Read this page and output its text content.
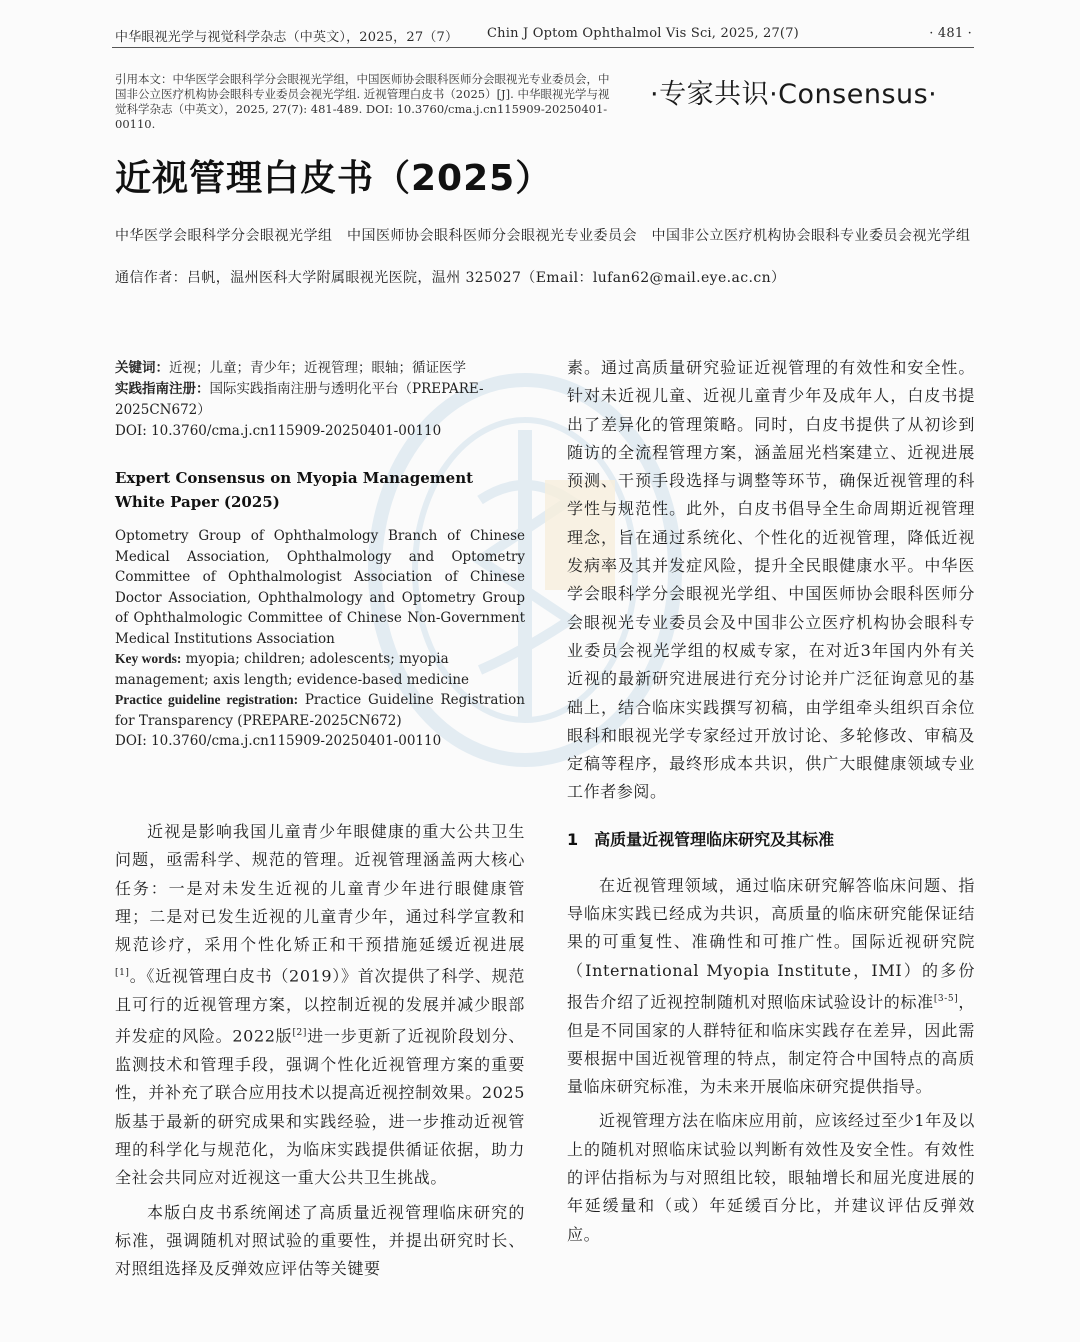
中华眼视光学与视觉科学杂志（中英文），2025，27（7） Chin J Optom Ophthalmol Vis Sci, 2025, 27(7)	· 481 ·
引用本文：中华医学会眼科学分会眼视光学组，中国医师协会眼科医师分会眼视光专业委员会，中国非公立医疗机构协会眼科专业委员会视光学组. 近视管理白皮书（2025）[J]. 中华眼视光学与视觉科学杂志（中英文），2025, 27(7): 481-489. DOI: 10.3760/cma.j.cn115909-20250401-00110.
·专家共识·Consensus·
近视管理白皮书（2025）
中华医学会眼科学分会眼视光学组　中国医师协会眼科医师分会眼视光专业委员会　中国非公立医疗机构协会眼科专业委员会视光学组
通信作者：吕帆，温州医科大学附属眼视光医院，温州 325027（Email：lufan62@mail.eye.ac.cn）
关键词：近视；儿童；青少年；近视管理；眼轴；循证医学
实践指南注册：国际实践指南注册与透明化平台（PREPARE-2025CN672）
DOI: 10.3760/cma.j.cn115909-20250401-00110
Expert Consensus on Myopia Management White Paper (2025)
Optometry Group of Ophthalmology Branch of Chinese Medical Association, Ophthalmology and Optometry Committee of Ophthalmologist Association of Chinese Doctor Association, Ophthalmology and Optometry Group of Ophthalmologic Committee of Chinese Non-Government Medical Institutions Association
Key words: myopia; children; adolescents; myopia management; axis length; evidence-based medicine
Practice guideline registration: Practice Guideline Registration for Transparency (PREPARE-2025CN672)
DOI: 10.3760/cma.j.cn115909-20250401-00110

近视是影响我国儿童青少年眼健康的重大公共卫生问题，亟需科学、规范的管理。近视管理涵盖两大核心任务：一是对未发生近视的儿童青少年进行眼健康管理；二是对已发生近视的儿童青少年，通过科学宣教和规范诊疗，采用个性化矫正和干预措施延缓近视进展[1]。《近视管理白皮书（2019）》首次提供了科学、规范且可行的近视管理方案，以控制近视的发展并减少眼部并发症的风险。2022版[2]进一步更新了近视阶段划分、监测技术和管理手段，强调个性化近视管理方案的重要性，并补充了联合应用技术以提高近视控制效果。2025版基于最新的研究成果和实践经验，进一步推动近视管理的科学化与规范化，为临床实践提供循证依据，助力全社会共同应对近视这一重大公共卫生挑战。

本版白皮书系统阐述了高质量近视管理临床研究的标准，强调随机对照试验的重要性，并提出研究时长、对照组选择及反弹效应评估等关键要

素。通过高质量研究验证近视管理的有效性和安全性。针对未近视儿童、近视儿童青少年及成年人，白皮书提出了差异化的管理策略。同时，白皮书提供了从初诊到随访的全流程管理方案，涵盖屈光档案建立、近视进展预测、干预手段选择与调整等环节，确保近视管理的科学性与规范性。此外，白皮书倡导全生命周期近视管理理念，旨在通过系统化、个性化的近视管理，降低近视发病率及其并发症风险，提升全民眼健康水平。中华医学会眼科学分会眼视光学组、中国医师协会眼科医师分会眼视光专业委员会及中国非公立医疗机构协会眼科专业委员会视光学组的权威专家，在对近3年国内外有关近视的最新研究进展进行充分讨论并广泛征询意见的基础上，结合临床实践撰写初稿，由学组牵头组织百余位眼科和眼视光学专家经过开放讨论、多轮修改、审稿及定稿等程序，最终形成本共识，供广大眼健康领域专业工作者参阅。

1　高质量近视管理临床研究及其标准

在近视管理领域，通过临床研究解答临床问题、指导临床实践已经成为共识，高质量的临床研究能保证结果的可重复性、准确性和可推广性。国际近视研究院（International Myopia Institute，IMI）的多份报告介绍了近视控制随机对照临床试验设计的标准[3-5]，但是不同国家的人群特征和临床实践存在差异，因此需要根据中国近视管理的特点，制定符合中国特点的高质量临床研究标准，为未来开展临床研究提供指导。

近视管理方法在临床应用前，应该经过至少1年及以上的随机对照临床试验以判断有效性及安全性。有效性的评估指标为与对照组比较，眼轴增长和屈光度进展的年延缓量和（或）年延缓百分比，并建议评估反弹效应。
